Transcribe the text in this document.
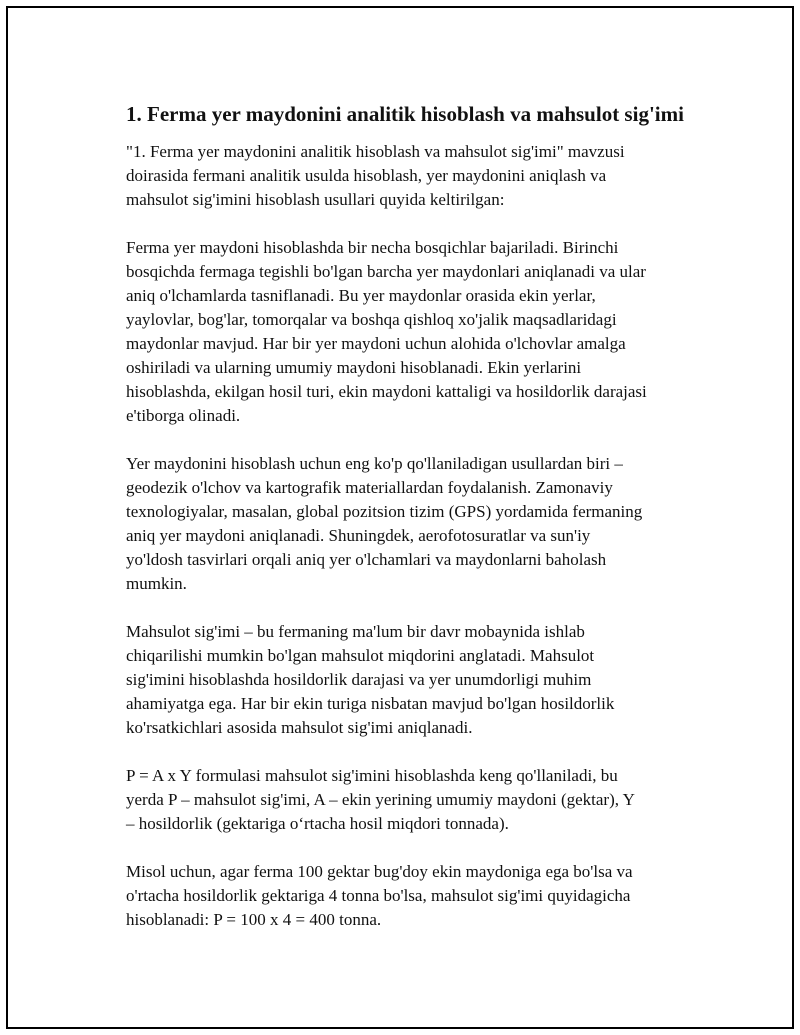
1. Ferma yer maydonini analitik hisoblash va mahsulot sig'imi

"1. Ferma yer maydonini analitik hisoblash va mahsulot sig'imi" mavzusi
doirasida fermani analitik usulda hisoblash, yer maydonini aniqlash va
mahsulot sig'imini hisoblash usullari quyida keltirilgan:

Ferma yer maydoni hisoblashda bir necha bosqichlar bajariladi. Birinchi
bosqichda fermaga tegishli bo'lgan barcha yer maydonlari aniqlanadi va ular
aniq o'lchamlarda tasniflanadi. Bu yer maydonlar orasida ekin yerlar,
yaylovlar, bog'lar, tomorqalar va boshqa qishloq xo'jalik maqsadlaridagi
maydonlar mavjud. Har bir yer maydoni uchun alohida o'lchovlar amalga
oshiriladi va ularning umumiy maydoni hisoblanadi. Ekin yerlarini
hisoblashda, ekilgan hosil turi, ekin maydoni kattaligi va hosildorlik darajasi
e'tiborga olinadi.

Yer maydonini hisoblash uchun eng ko'p qo'llaniladigan usullardan biri –
geodezik o'lchov va kartografik materiallardan foydalanish. Zamonaviy
texnologiyalar, masalan, global pozitsion tizim (GPS) yordamida fermaning
aniq yer maydoni aniqlanadi. Shuningdek, aerofotosuratlar va sun'iy
yo'ldosh tasvirlari orqali aniq yer o'lchamlari va maydonlarni baholash
mumkin.

Mahsulot sig'imi – bu fermaning ma'lum bir davr mobaynida ishlab
chiqarilishi mumkin bo'lgan mahsulot miqdorini anglatadi. Mahsulot
sig'imini hisoblashda hosildorlik darajasi va yer unumdorligi muhim
ahamiyatga ega. Har bir ekin turiga nisbatan mavjud bo'lgan hosildorlik
ko'rsatkichlari asosida mahsulot sig'imi aniqlanadi.

P = A x Y formulasi mahsulot sig'imini hisoblashda keng qo'llaniladi, bu
yerda P – mahsulot sig'imi, A – ekin yerining umumiy maydoni (gektar), Y
– hosildorlik (gektariga o‘rtacha hosil miqdori tonnada).

Misol uchun, agar ferma 100 gektar bug'doy ekin maydoniga ega bo'lsa va
o'rtacha hosildorlik gektariga 4 tonna bo'lsa, mahsulot sig'imi quyidagicha
hisoblanadi: P = 100 x 4 = 400 tonna.
